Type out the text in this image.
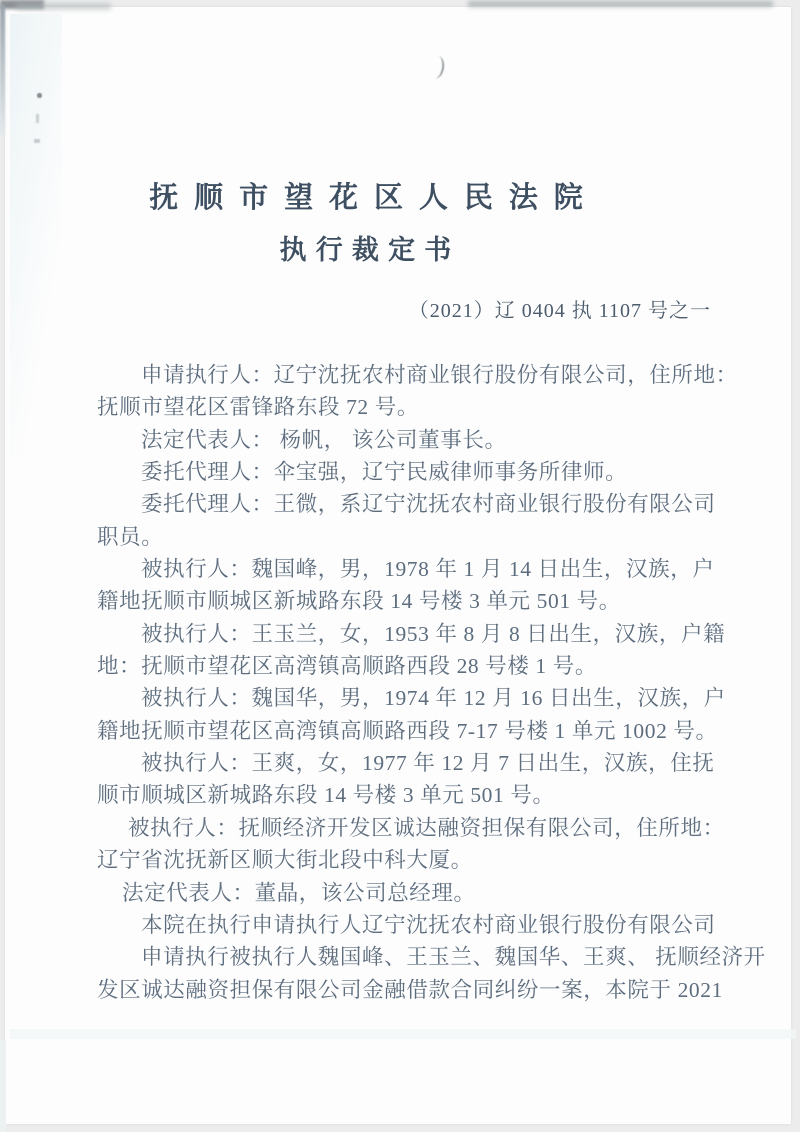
抚顺市望花区人民法院
执行裁定书
（2021）辽 0404 执 1107 号之一
申请执行人：辽宁沈抚农村商业银行股份有限公司，住所地：
抚顺市望花区雷锋路东段 72 号。
法定代表人： 杨帆， 该公司董事长。
委托代理人：伞宝强，辽宁民威律师事务所律师。
委托代理人：王微，系辽宁沈抚农村商业银行股份有限公司
职员。
被执行人：魏国峰，男，1978 年 1 月 14 日出生，汉族，户
籍地抚顺市顺城区新城路东段 14 号楼 3 单元 501 号。
被执行人：王玉兰，女，1953 年 8 月 8 日出生，汉族，户籍
地：抚顺市望花区高湾镇高顺路西段 28 号楼 1 号。
被执行人：魏国华，男，1974 年 12 月 16 日出生，汉族，户
籍地抚顺市望花区高湾镇高顺路西段 7-17 号楼 1 单元 1002 号。
被执行人：王爽，女，1977 年 12 月 7 日出生，汉族，住抚
顺市顺城区新城路东段 14 号楼 3 单元 501 号。
被执行人：抚顺经济开发区诚达融资担保有限公司，住所地：
辽宁省沈抚新区顺大街北段中科大厦。
法定代表人：董晶，该公司总经理。
本院在执行申请执行人辽宁沈抚农村商业银行股份有限公司
申请执行被执行人魏国峰、王玉兰、魏国华、王爽、 抚顺经济开
发区诚达融资担保有限公司金融借款合同纠纷一案，本院于 2021
